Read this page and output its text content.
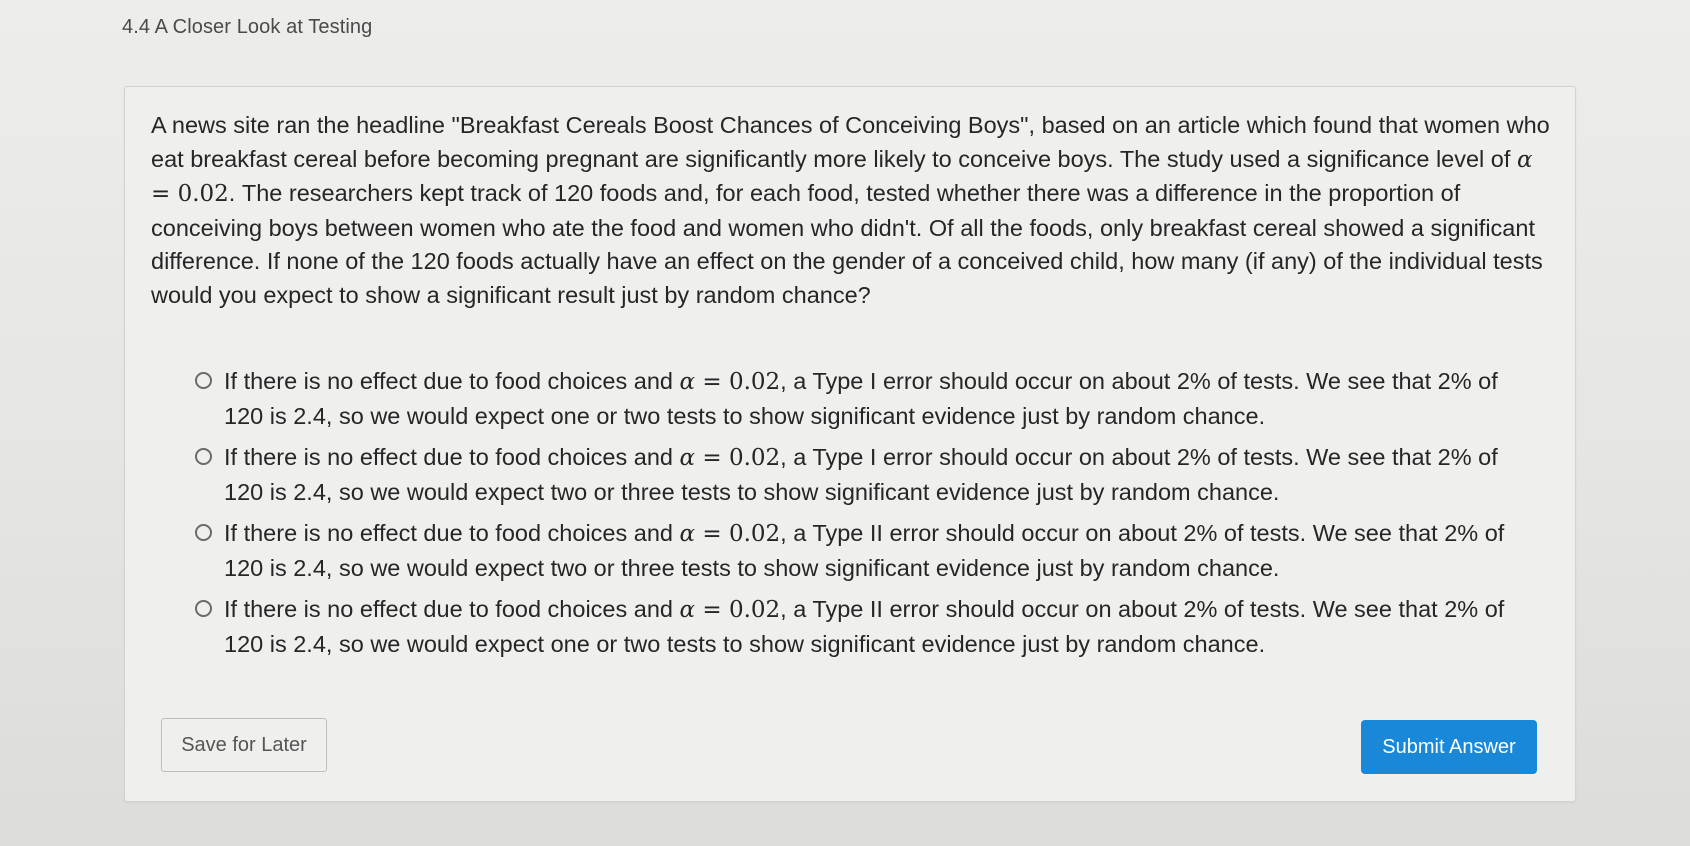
4.4 A Closer Look at Testing
A news site ran the headline "Breakfast Cereals Boost Chances of Conceiving Boys", based on an article which found that women who eat breakfast cereal before becoming pregnant are significantly more likely to conceive boys. The study used a significance level of α = 0.02. The researchers kept track of 120 foods and, for each food, tested whether there was a difference in the proportion of conceiving boys between women who ate the food and women who didn't. Of all the foods, only breakfast cereal showed a significant difference. If none of the 120 foods actually have an effect on the gender of a conceived child, how many (if any) of the individual tests would you expect to show a significant result just by random chance?
If there is no effect due to food choices and α = 0.02, a Type I error should occur on about 2% of tests. We see that 2% of 120 is 2.4, so we would expect one or two tests to show significant evidence just by random chance.
If there is no effect due to food choices and α = 0.02, a Type I error should occur on about 2% of tests. We see that 2% of 120 is 2.4, so we would expect two or three tests to show significant evidence just by random chance.
If there is no effect due to food choices and α = 0.02, a Type II error should occur on about 2% of tests. We see that 2% of 120 is 2.4, so we would expect two or three tests to show significant evidence just by random chance.
If there is no effect due to food choices and α = 0.02, a Type II error should occur on about 2% of tests. We see that 2% of 120 is 2.4, so we would expect one or two tests to show significant evidence just by random chance.
Save for Later	Submit Answer
